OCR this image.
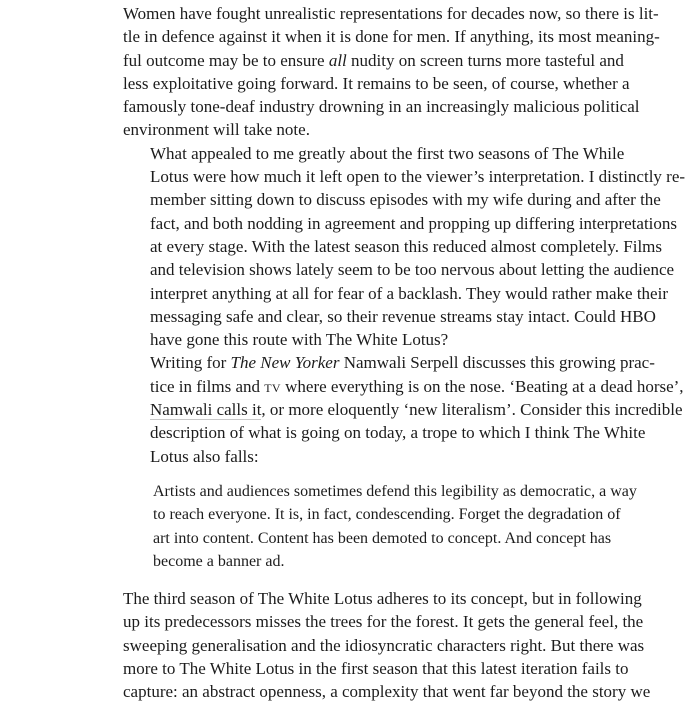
Women have fought unrealistic representations for decades now, so there is lit-
tle in defence against it when it is done for men. If anything, its most meaning-
ful outcome may be to ensure all nudity on screen turns more tasteful and
less exploitative going forward. It remains to be seen, of course, whether a
famously tone-deaf industry drowning in an increasingly malicious political
environment will take note.

What appealed to me greatly about the first two seasons of The While
Lotus were how much it left open to the viewer’s interpretation. I distinctly re-
member sitting down to discuss episodes with my wife during and after the
fact, and both nodding in agreement and propping up differing interpretations
at every stage. With the latest season this reduced almost completely. Films
and television shows lately seem to be too nervous about letting the audience
interpret anything at all for fear of a backlash. They would rather make their
messaging safe and clear, so their revenue streams stay intact. Could HBO
have gone this route with The White Lotus?

Writing for The New Yorker Namwali Serpell discusses this growing prac-
tice in films and tv where everything is on the nose. ‘Beating at a dead horse’,
Namwali calls it, or more eloquently ‘new literalism’. Consider this incredible
description of what is going on today, a trope to which I think The White
Lotus also falls:

Artists and audiences sometimes defend this legibility as democratic, a way
to reach everyone. It is, in fact, condescending. Forget the degradation of
art into content. Content has been demoted to concept. And concept has
become a banner ad.

The third season of The White Lotus adheres to its concept, but in following
up its predecessors misses the trees for the forest. It gets the general feel, the
sweeping generalisation and the idiosyncratic characters right. But there was
more to The White Lotus in the first season that this latest iteration fails to
capture: an abstract openness, a complexity that went far beyond the story we
